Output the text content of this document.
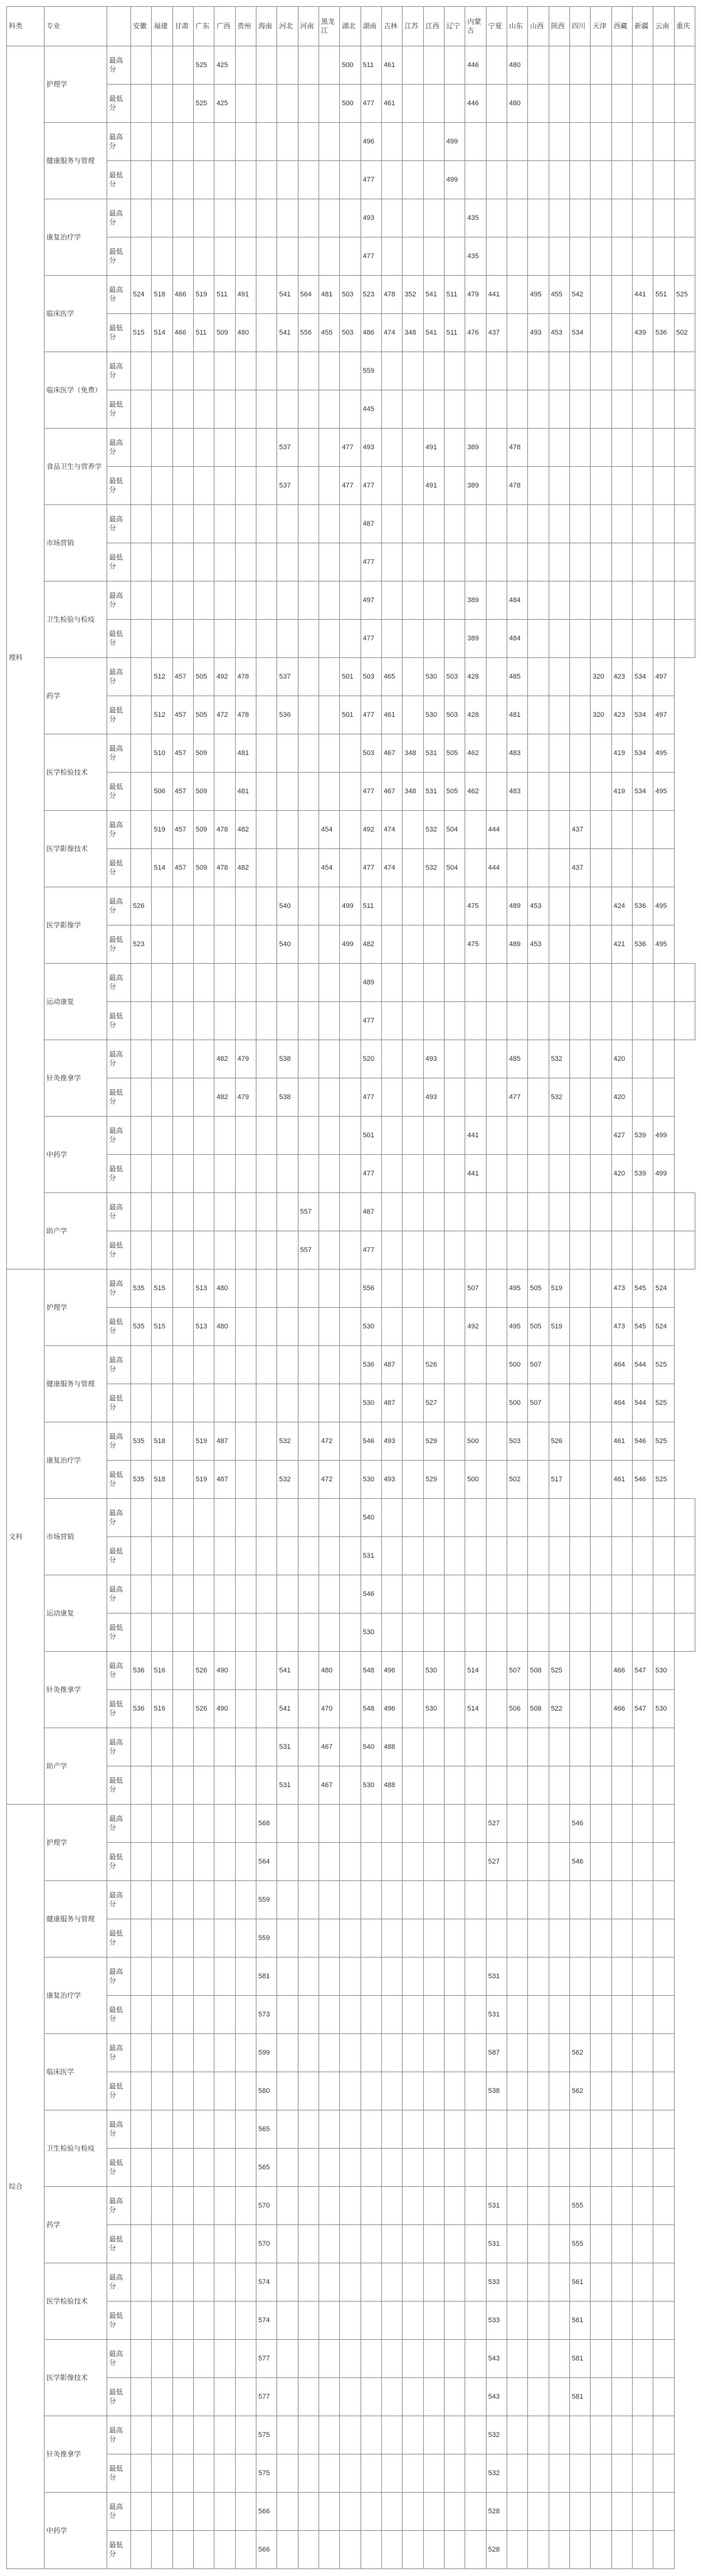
科类	专业		安徽	福建	甘肃	广东	广西	贵州	海南	河北	河南	黑龙江	湖北	湖南	吉林	江苏	江西	辽宁	内蒙古	宁夏	山东	山西	陕西	四川	天津	西藏	新疆	云南	重庆
理科	护理学	最高分				525	425						500	511	461				446		480								
		最低分				525	425						500	477	461				446		480								
	健康服务与管理	最高分												496				499											
		最低分												477				499											
	康复治疗学	最高分												493					435										
		最低分												477					435										
	临床医学	最高分	524	518	466	519	511	491		541	564	481	503	523	478	352	541	511	479	441		495	455	542			441	551	525
		最低分	515	514	466	511	509	480		541	556	455	503	486	474	348	541	511	476	437		493	453	534			439	536	502
	临床医学（免费）	最高分												559															
		最低分												445															
	食品卫生与营养学	最高分								537			477	493			491		389		478								
		最低分								537			477	477			491		389		478								
	市场营销	最高分												487															
		最低分												477															
	卫生检验与检疫	最高分												497					389		484								
		最低分												477					389		484								
	药学	最高分		512	457	505	492	478		537			501	503	465		530	503	428		485				320	423	534	497	
		最低分		512	457	505	472	478		536			501	477	461		530	503	428		481				320	423	534	497	
	医学检验技术	最高分		510	457	509		481						503	467	348	531	505	462		483					419	534	495	
		最低分		506	457	509		481						477	467	348	531	505	462		483					419	534	495	
	医学影像技术	最高分		519	457	509	478	482				454		492	474		532	504		444				437					
		最低分		514	457	509	478	482				454		477	474		532	504		444				437					
	医学影像学	最高分	526							540			499	511					475		489	453				424	536	495	
		最低分	523							540			499	482					475		489	453				421	536	495	
	运动康复	最高分												489															
		最低分												477															
	针灸推拿学	最高分					482	479		538				520			493				485		532			420			
		最低分					482	479		538				477			493				477		532			420			
	中药学	最高分												501					441							427	539	499	
		最低分												477					441							420	539	499	
	助产学	最高分									557			487															
		最低分									557			477															
文科	护理学	最高分	535	515		513	480							556					507		495	505	519			473	545	524	
		最低分	535	515		513	480							530					492		495	505	519			473	545	524	
	健康服务与管理	最高分												536	487		526				500	507				464	544	525	
		最低分												530	487		527				500	507				464	544	525	
	康复治疗学	最高分	535	518		519	487			532		472		546	493		529		500		503		526			461	546	525	
		最低分	535	518		519	487			532		472		530	493		529		500		502		517			461	546	525	
	市场营销	最高分												540															
		最低分												531															
	运动康复	最高分												546															
		最低分												530															
	针灸推拿学	最高分	536	516		526	490			541		480		548	496		530		514		507	508	525			466	547	530	
		最低分	536	516		526	490			541		470		548	496		530		514		506	508	522			466	547	530	
	助产学	最高分								531		467		540	488														
		最低分								531		467		530	488														
综合	护理学	最高分							568											527				546					
		最低分							564											527				546					
	健康服务与管理	最高分							559																				
		最低分							559																				
	康复治疗学	最高分							581											531									
		最低分							573											531									
	临床医学	最高分							599											587				562					
		最低分							580											538				562					
	卫生检验与检疫	最高分							565																				
		最低分							565																				
	药学	最高分							570											531				555					
		最低分							570											531				555					
	医学检验技术	最高分							574											533				561					
		最低分							574											533				561					
	医学影像技术	最高分							577											543				581					
		最低分							577											543				581					
	针灸推拿学	最高分							575											532									
		最低分							575											532									
	中药学	最高分							566											528									
		最低分							566											528									
